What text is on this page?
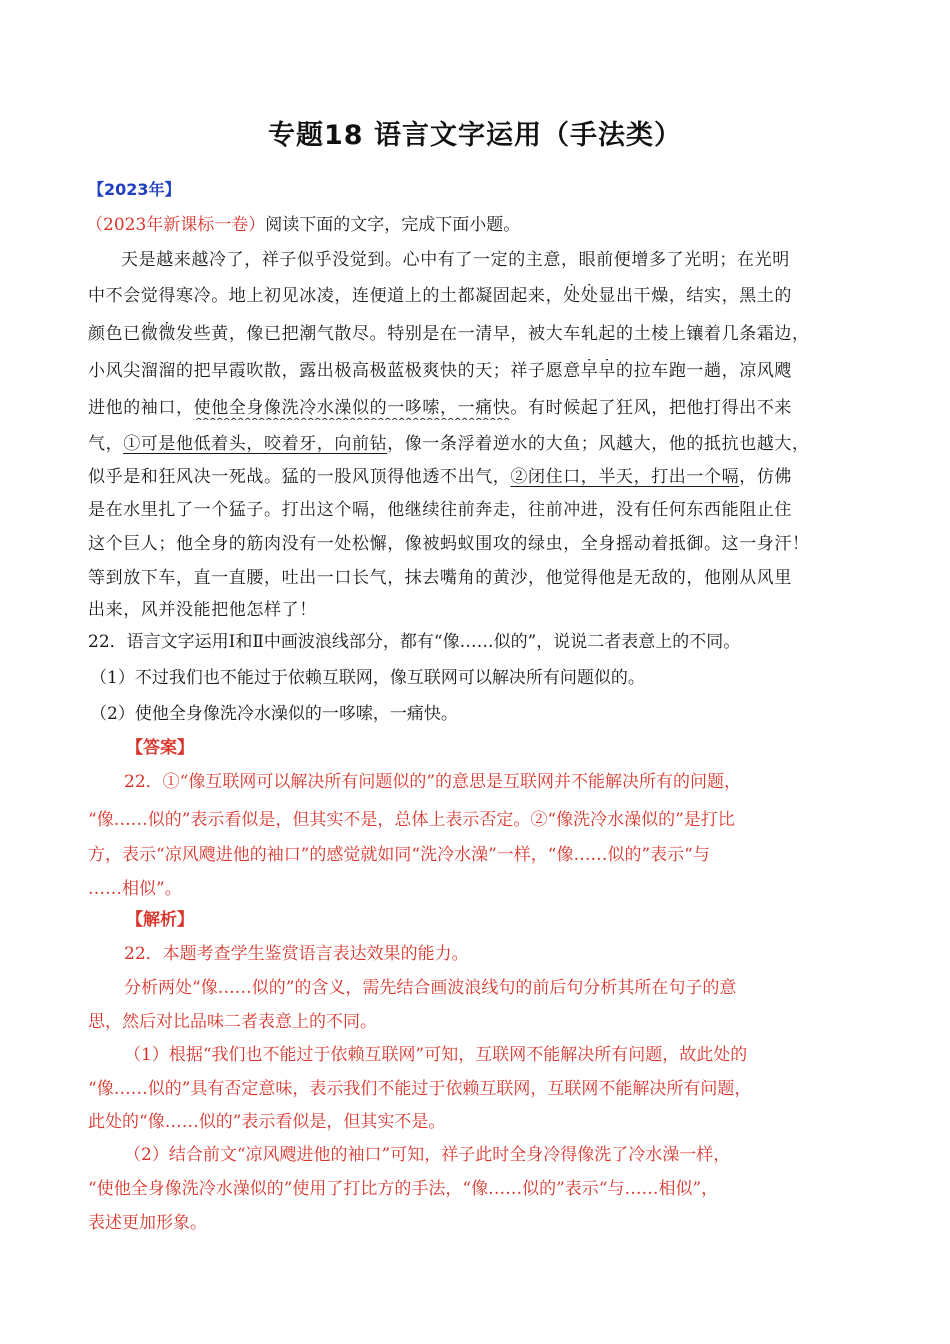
专题18 语言文字运用（手法类）
【2023年】
（2023年新课标一卷）阅读下面的文字，完成下面小题。
天是越来越冷了，祥子似乎没觉到。心中有了一定的主意，眼前便增多了光明；在光明
中不会觉得寒冷。地上初见冰凌，连便道上的土都凝固起来，处处显出干燥，结实，黑土的
颜色已微微发些黄，像已把潮气散尽。特别是在一清早，被大车轧起的土棱上镶着几条霜边，
小风尖溜溜的把早霞吹散，露出极高极蓝极爽快的天；祥子愿意早早的拉车跑一趟，凉风飕
进他的袖口，使他全身像洗冷水澡似的一哆嗦，一痛快。有时候起了狂风，把他打得出不来
气，①可是他低着头，咬着牙，向前钻，像一条浮着逆水的大鱼；风越大，他的抵抗也越大，
似乎是和狂风决一死战。猛的一股风顶得他透不出气，②闭住口，半天，打出一个嗝，仿佛
是在水里扎了一个猛子。打出这个嗝，他继续往前奔走，往前冲进，没有任何东西能阻止住
这个巨人；他全身的筋肉没有一处松懈，像被蚂蚁围攻的绿虫，全身摇动着抵御。这一身汗！
等到放下车，直一直腰，吐出一口长气，抹去嘴角的黄沙，他觉得他是无敌的，他刚从风里
出来，风并没能把他怎样了！
22．语言文字运用Ⅰ和Ⅱ中画波浪线部分，都有“像……似的”，说说二者表意上的不同。
（1）不过我们也不能过于依赖互联网，像互联网可以解决所有问题似的。
（2）使他全身像洗冷水澡似的一哆嗦，一痛快。
【答案】
22．①“像互联网可以解决所有问题似的”的意思是互联网并不能解决所有的问题，
“像……似的”表示看似是，但其实不是，总体上表示否定。②“像洗冷水澡似的”是打比
方，表示“凉风飕进他的袖口”的感觉就如同“洗冷水澡”一样，“像……似的”表示“与
……相似”。
【解析】
22．本题考查学生鉴赏语言表达效果的能力。
分析两处“像……似的”的含义，需先结合画波浪线句的前后句分析其所在句子的意
思，然后对比品味二者表意上的不同。
（1）根据“我们也不能过于依赖互联网”可知，互联网不能解决所有问题，故此处的
“像……似的”具有否定意味，表示我们不能过于依赖互联网，互联网不能解决所有问题，
此处的“像……似的”表示看似是，但其实不是。
（2）结合前文“凉风飕进他的袖口”可知，祥子此时全身冷得像洗了冷水澡一样，
“使他全身像洗冷水澡似的”使用了打比方的手法，“像……似的”表示“与……相似”，
表述更加形象。
